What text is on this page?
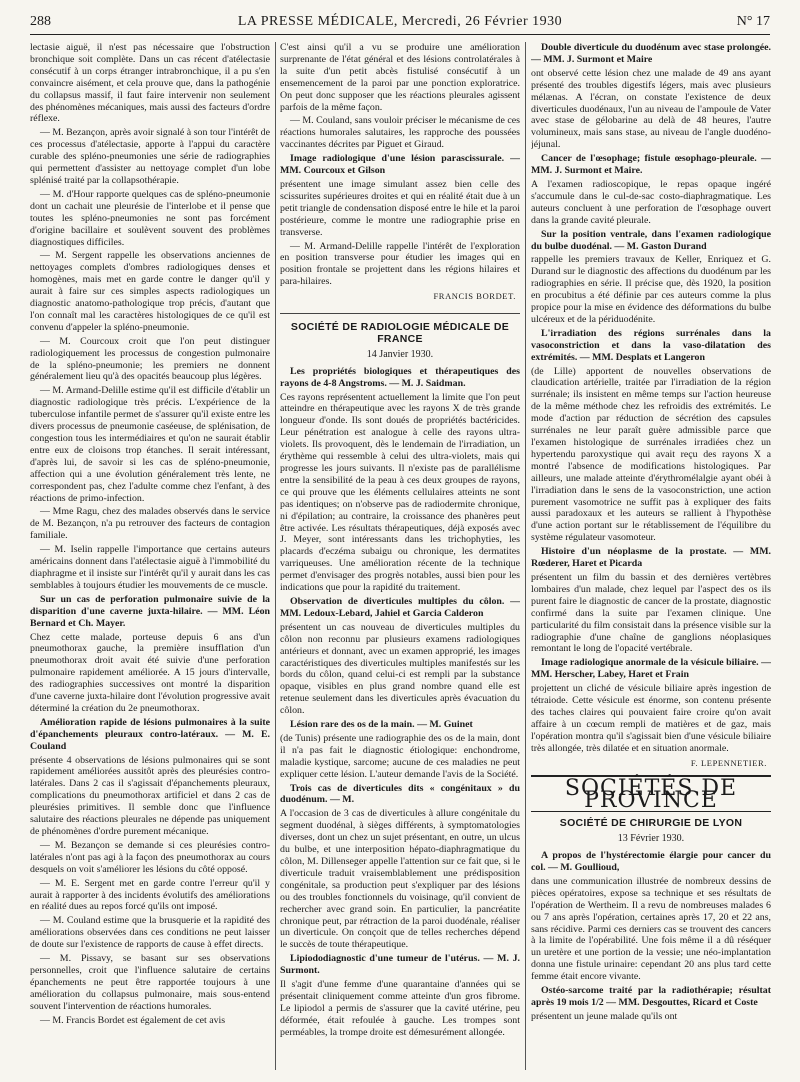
288	LA PRESSE MÉDICALE, Mercredi, 26 Février 1930	N° 17

lectasie aiguë, il n'est pas nécessaire que l'obstruction bronchique soit complète. Dans un cas récent d'atélectasie consécutif à un corps étranger intrabronchique, il a pu s'en convaincre aisément, et cela prouve que, dans la pathogénie du collapsus massif, il faut faire intervenir non seulement des phénomènes mécaniques, mais aussi des facteurs d'ordre réflexe.

— M. Bezançon, après avoir signalé à son tour l'intérêt de ces processus d'atélectasie, apporte à l'appui du caractère curable des spléno-pneumonies une série de radiographies qui permettent d'assister au nettoyage complet d'un lobe splénisé traité par la collapsothérapie.

— M. d'Hour rapporte quelques cas de spléno-pneumonie dont un cachait une pleurésie de l'interlobe et il pense que toutes les spléno-pneumonies ne sont pas forcément d'origine bacillaire et soulèvent souvent des problèmes diagnostiques difficiles.

— M. Sergent rappelle les observations anciennes de nettoyages complets d'ombres radiologiques denses et homogènes, mais met en garde contre le danger qu'il y aurait à faire sur ces simples aspects radiologiques un diagnostic anatomo-pathologique trop précis, d'autant que l'on connaît mal les caractères histologiques de ce qu'il est convenu d'appeler la spléno-pneumonie.

— M. Courcoux croit que l'on peut distinguer radiologiquement les processus de congestion pulmonaire de la spléno-pneumonie; les premiers ne donnent généralement lieu qu'à des opacités beaucoup plus légères.

— M. Armand-Delille estime qu'il est difficile d'établir un diagnostic radiologique très précis. L'expérience de la tuberculose infantile permet de s'assurer qu'il existe entre les divers processus de pneumonie caséeuse, de splénisation, de congestion tous les intermédiaires et qu'on ne saurait établir entre eux de cloisons trop étanches. Il serait intéressant, d'après lui, de savoir si les cas de spléno-pneumonie, affection qui a une évolution généralement très lente, ne correspondent pas, chez l'adulte comme chez l'enfant, à des réactions de primo-infection.

— Mme Ragu, chez des malades observés dans le service de M. Bezançon, n'a pu retrouver des facteurs de contagion familiale.

— M. Iselin rappelle l'importance que certains auteurs américains donnent dans l'atélectasie aiguë à l'immobilité du diaphragme et il insiste sur l'intérêt qu'il y aurait dans les cas semblables à toujours étudier les mouvements de ce muscle.

Sur un cas de perforation pulmonaire suivie de la disparition d'une caverne juxta-hilaire. — MM. Léon Bernard et Ch. Mayer.

Chez cette malade, porteuse depuis 6 ans d'un pneumothorax gauche, la première insufflation d'un pneumothorax droit avait été suivie d'une perforation pulmonaire rapidement améliorée. A 15 jours d'intervalle, des radiographies successives ont montré la disparition d'une caverne juxta-hilaire dont l'évolution progressive avait déterminé la création du 2e pneumothorax.

Amélioration rapide de lésions pulmonaires à la suite d'épanchements pleuraux contro-latéraux. — M. E. Couland

présente 4 observations de lésions pulmonaires qui se sont rapidement améliorées aussitôt après des pleurésies contro-latérales. Dans 2 cas il s'agissait d'épanchements pleuraux, complications du pneumothorax artificiel et dans 2 cas de pleurésies primitives. Il semble donc que l'influence salutaire des réactions pleurales ne dépende pas uniquement de phénomènes d'ordre purement mécanique.

— M. Bezançon se demande si ces pleurésies contro-latérales n'ont pas agi à la façon des pneumothorax au cours desquels on voit s'améliorer les lésions du côté opposé.

— M. E. Sergent met en garde contre l'erreur qu'il y aurait à rapporter à des incidents évolutifs des améliorations en réalité dues au repos forcé qu'ils ont imposé.

— M. Couland estime que la brusquerie et la rapidité des améliorations observées dans ces conditions ne peut laisser de doute sur l'existence de rapports de cause à effet directs.

— M. Pissavy, se basant sur ses observations personnelles, croit que l'influence salutaire de certains épanchements ne peut être rapportée toujours à une amélioration du collapsus pulmonaire, mais sous-entend souvent l'intervention de réactions humorales.

— M. Francis Bordet est également de cet avis

C'est ainsi qu'il a vu se produire une amélioration surprenante de l'état général et des lésions controlatérales à la suite d'un petit abcès fistulisé consécutif à un ensemencement de la paroi par une ponction exploratrice. On peut donc supposer que les réactions pleurales agissent parfois de la même façon.

— M. Couland, sans vouloir préciser le mécanisme de ces réactions humorales salutaires, les rapproche des poussées vaccinantes décrites par Piguet et Giraud.

Image radiologique d'une lésion parascissurale. — MM. Courcoux et Gilson

présentent une image simulant assez bien celle des scissurites supérieures droites et qui en réalité était due à un petit triangle de condensation disposé entre le hile et la paroi postérieure, comme le montre une radiographie prise en transverse.

— M. Armand-Delille rappelle l'intérêt de l'exploration en position transverse pour étudier les images qui en position frontale se projettent dans les régions hilaires et para-hilaires.

FRANCIS BORDET.

SOCIÉTÉ DE RADIOLOGIE MÉDICALE DE FRANCE

14 Janvier 1930.

Les propriétés biologiques et thérapeutiques des rayons de 4-8 Angstroms. — M. J. Saidman.

Ces rayons représentent actuellement la limite que l'on peut atteindre en thérapeutique avec les rayons X de très grande longueur d'onde. Ils sont doués de propriétés bactéricides. Leur pénétration est analogue à celle des rayons ultra-violets. Ils provoquent, dès le lendemain de l'irradiation, un érythème qui ressemble à celui des ultra-violets, mais qui progresse les jours suivants. Il n'existe pas de parallélisme entre la sensibilité de la peau à ces deux groupes de rayons, ce qui prouve que les éléments cellulaires atteints ne sont pas identiques; on n'observe pas de radiodermite chronique, ni d'épilation; au contraire, la croissance des phanères peut être activée. Les résultats thérapeutiques, déjà exposés avec J. Meyer, sont intéressants dans les trichophyties, les placards d'eczéma subaigu ou chronique, les dermatites varriqueuses. Une amélioration récente de la technique permet d'envisager des progrès notables, aussi bien pour les indications que pour la rapidité du traitement.

Observation de diverticules multiples du côlon. — MM. Ledoux-Lebard, Jahiel et Garcia Calderon

présentent un cas nouveau de diverticules multiples du côlon non reconnu par plusieurs examens radiologiques antérieurs et donnant, avec un examen approprié, les images caractéristiques des diverticules multiples manifestés sur les bords du côlon, quand celui-ci est rempli par la substance opaque, visibles en plus grand nombre quand elle est retenue seulement dans les diverticules après évacuation du côlon.

Lésion rare des os de la main. — M. Guinet

(de Tunis) présente une radiographie des os de la main, dont il n'a pas fait le diagnostic étiologique: enchondrome, maladie kystique, sarcome; aucune de ces maladies ne peut expliquer cette lésion. L'auteur demande l'avis de la Société.

Trois cas de diverticules dits « congénitaux » du duodénum. — M.

A l'occasion de 3 cas de diverticules à allure congénitale du segment duodénal, à sièges différents, à symptomatologies diverses, dont un chez un sujet présentant, en outre, un ulcus du bulbe, et une interposition hépato-diaphragmatique du côlon, M. Dillenseger appelle l'attention sur ce fait que, si le diverticule traduit vraisemblablement une prédisposition congénitale, sa production peut s'expliquer par des lésions ou des troubles fonctionnels du voisinage, qu'il convient de rechercher avec grand soin. En particulier, la pancréatite chronique peut, par rétraction de la paroi duodénale, réaliser un diverticule. On conçoit que de telles recherches dépend le succès de toute thérapeutique.

Lipiododiagnostic d'une tumeur de l'utérus. — M. J. Surmont.

Il s'agit d'une femme d'une quarantaine d'années qui se présentait cliniquement comme atteinte d'un gros fibrome. Le lipiodol a permis de s'assurer que la cavité utérine, peu déformée, était refoulée à gauche. Les trompes sont perméables, la trompe droite est démesurément allongée.

Double diverticule du duodénum avec stase prolongée. — MM. J. Surmont et Maire

ont observé cette lésion chez une malade de 49 ans ayant présenté des troubles digestifs légers, mais avec plusieurs mélænas. A l'écran, on constate l'existence de deux diverticules duodénaux, l'un au niveau de l'ampoule de Vater avec stase de gélobarine au delà de 48 heures, l'autre volumineux, mais sans stase, au niveau de l'angle duodéno-jéjunal.

Cancer de l'œsophage; fistule œsophago-pleurale. — MM. J. Surmont et Maire.

A l'examen radioscopique, le repas opaque ingéré s'accumule dans le cul-de-sac costo-diaphragmatique. Les auteurs concluent à une perforation de l'œsophage ouvert dans la grande cavité pleurale.

Sur la position ventrale, dans l'examen radiologique du bulbe duodénal. — M. Gaston Durand

rappelle les premiers travaux de Keller, Enriquez et G. Durand sur le diagnostic des affections du duodénum par les radiographies en série. Il précise que, dès 1920, la position en procubitus a été définie par ces auteurs comme la plus propice pour la mise en évidence des déformations du bulbe ulcéreux et de la périduodénite.

L'irradiation des régions surrénales dans la vasoconstriction et dans la vaso-dilatation des extrémités. — MM. Desplats et Langeron

(de Lille) apportent de nouvelles observations de claudication artérielle, traitée par l'irradiation de la région surrénale; ils insistent en même temps sur l'action heureuse de la même méthode chez les refroidis des extrémités. Le mode d'action par réduction de sécrétion des capsules surrénales ne leur paraît guère admissible parce que l'examen histologique de surrénales irradiées chez un hypertendu paroxystique qui avait reçu des rayons X a montré l'absence de modifications histologiques. Par ailleurs, une malade atteinte d'érythromélalgie ayant obéi à l'irradiation dans le sens de la vasoconstriction, une action purement vasomotrice ne suffit pas à expliquer des faits aussi paradoxaux et les auteurs se rallient à l'hypothèse d'une action portant sur le rétablissement de l'équilibre du système régulateur vasomoteur.

Histoire d'un néoplasme de la prostate. — MM. Rœderer, Haret et Picarda

présentent un film du bassin et des dernières vertèbres lombaires d'un malade, chez lequel par l'aspect des os ils purent faire le diagnostic de cancer de la prostate, diagnostic confirmé dans la suite par l'examen clinique. Une particularité du film consistait dans la présence visible sur la radiographie d'une chaîne de ganglions néoplasiques remontant le long de l'opacité vertébrale.

Image radiologique anormale de la vésicule biliaire. — MM. Herscher, Labey, Haret et Frain

projettent un cliché de vésicule biliaire après ingestion de tétraiode. Cette vésicule est énorme, son contenu présente des taches claires qui pouvaient faire croire qu'on avait affaire à un cœcum rempli de matières et de gaz, mais l'opération montra qu'il s'agissait bien d'une vésicule biliaire très allongée, très dilatée et en situation anormale.

F. LEPENNETIER.

SOCIÉTÉS DE PROVINCE

SOCIÉTÉ DE CHIRURGIE DE LYON

13 Février 1930.

A propos de l'hystérectomie élargie pour cancer du col. — M. Goullioud,

dans une communication illustrée de nombreux dessins de pièces opératoires, expose sa technique et ses résultats de l'opération de Wertheim. Il a revu de nombreuses malades 6 ou 7 ans après l'opération, certaines après 17, 20 et 22 ans, sans récidive. Parmi ces derniers cas se trouvent des cancers à la limite de l'opérabilité. Une fois même il a dû réséquer un uretère et une portion de la vessie; une néo-implantation donna une fistule urinaire: cependant 20 ans plus tard cette femme était encore vivante.

Ostéo-sarcome traité par la radiothérapie; résultat après 19 mois 1/2 — MM. Desgouttes, Ricard et Coste

présentent un jeune malade qu'ils ont
